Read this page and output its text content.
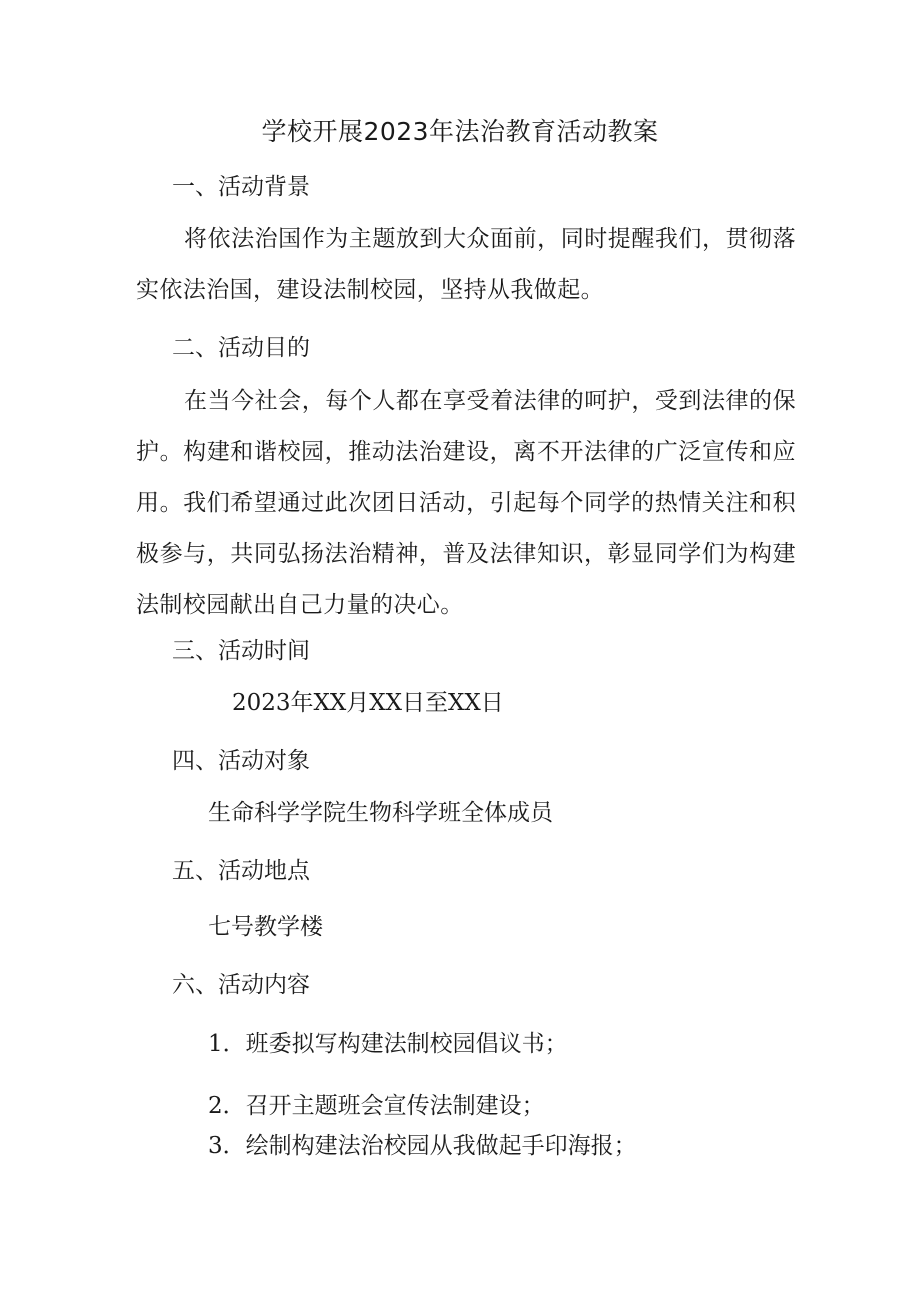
学校开展2023年法治教育活动教案
一、活动背景
将依法治国作为主题放到大众面前，同时提醒我们，贯彻落实依法治国，建设法制校园，坚持从我做起。
二、活动目的
在当今社会，每个人都在享受着法律的呵护，受到法律的保护。构建和谐校园，推动法治建设，离不开法律的广泛宣传和应用。我们希望通过此次团日活动，引起每个同学的热情关注和积极参与，共同弘扬法治精神，普及法律知识，彰显同学们为构建法制校园献出自己力量的决心。
三、活动时间
2023年XX月XX日至XX日
四、活动对象
生命科学学院生物科学班全体成员
五、活动地点
七号教学楼
六、活动内容
1．班委拟写构建法制校园倡议书；
2．召开主题班会宣传法制建设；
3．绘制构建法治校园从我做起手印海报；
